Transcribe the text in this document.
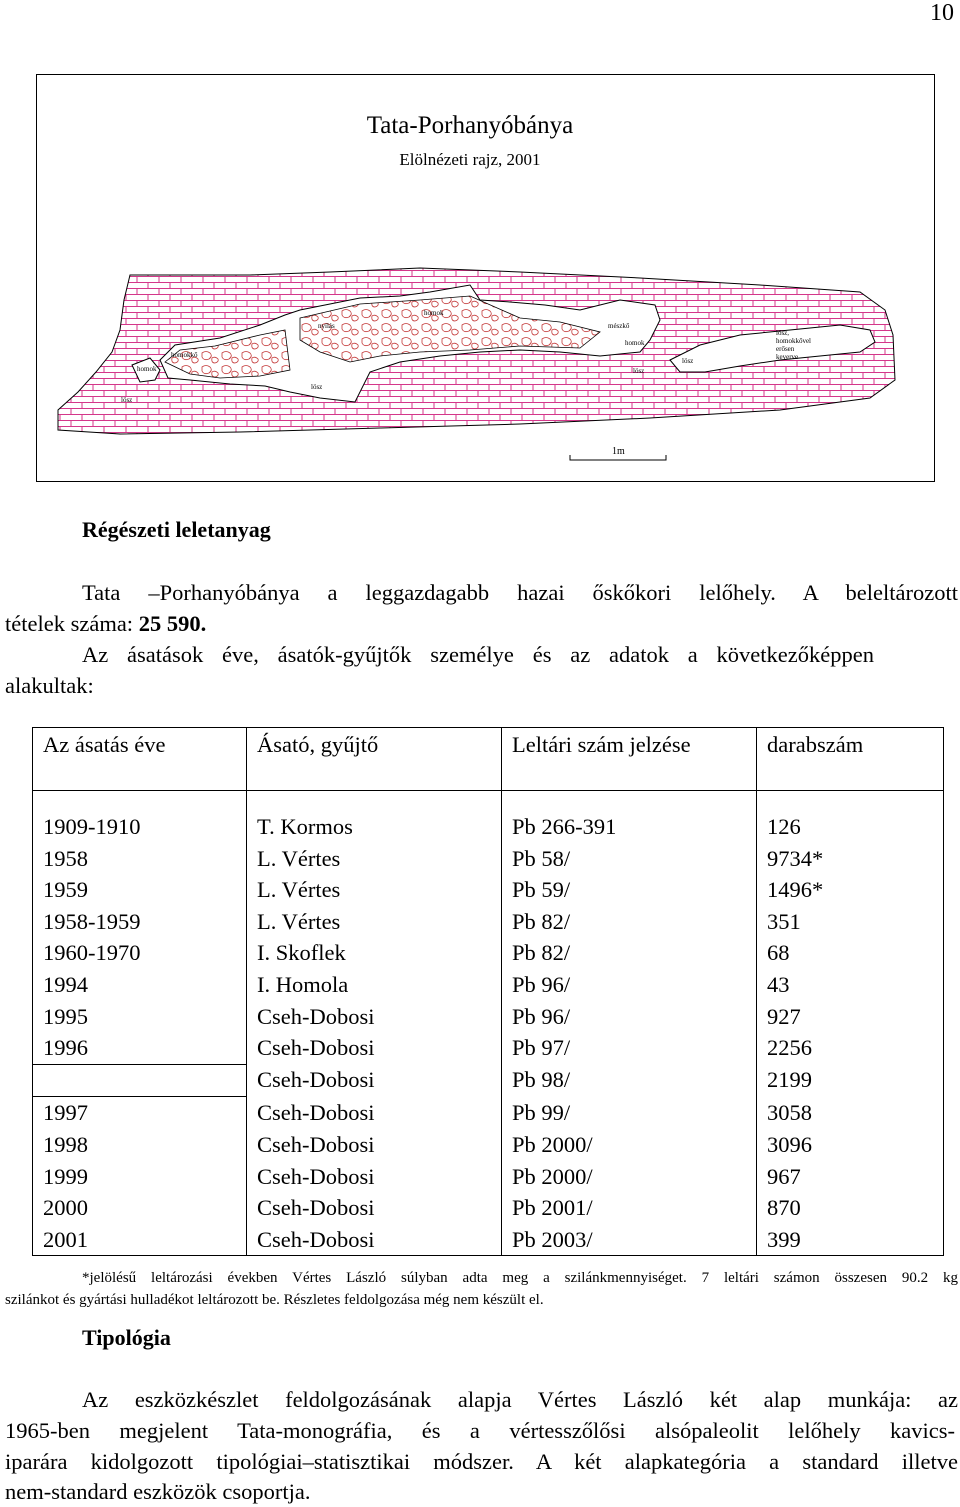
10
Tata-Porhanyóbánya
Elölnézeti rajz, 2001
homok
homokkő
lösz
nyílás
homok
lösz
mészkő
homok
lösz
lösz
lösz, homokkővel erősen keverve
1m
Régészeti leletanyag
Tata –Porhanyóbánya a leggazdagabb hazai őskőkori lelőhely. A beleltározott
tételek száma: 25 590.
Az ásatások éve, ásatók-gyűjtők személye és az adatok a következőképpen
alakultak:
Az ásatás éve	Ásató, gyűjtő	Leltári szám jelzése	darabszám

1909-1910	T. Kormos	Pb 266-391	126
1958	L. Vértes	Pb 58/	9734*
1959	L. Vértes	Pb 59/	1496*
1958-1959	L. Vértes	Pb 82/	351
1960-1970	I. Skoflek	Pb 82/	68
1994	I. Homola	Pb 96/	43
1995	Cseh-Dobosi	Pb 96/	927
1996	Cseh-Dobosi	Pb 97/	2256
	Cseh-Dobosi	Pb 98/	2199
1997	Cseh-Dobosi	Pb 99/	3058
1998	Cseh-Dobosi	Pb 2000/	3096
1999	Cseh-Dobosi	Pb 2000/	967
2000	Cseh-Dobosi	Pb 2001/	870
2001	Cseh-Dobosi	Pb 2003/	399
*jelölésű leltározási években Vértes László súlyban adta meg a szilánkmennyiséget. 7 leltári számon összesen 90.2 kg
szilánkot és gyártási hulladékot leltározott be. Részletes feldolgozása még nem készült el.
Tipológia
Az eszközkészlet feldolgozásának alapja Vértes László két alap munkája: az
1965-ben megjelent Tata-monográfia, és a vértesszőlősi alsópaleolit lelőhely kavics-
iparára kidolgozott tipológiai–statisztikai módszer. A két alapkategória a standard illetve
nem-standard eszközök csoportja.
